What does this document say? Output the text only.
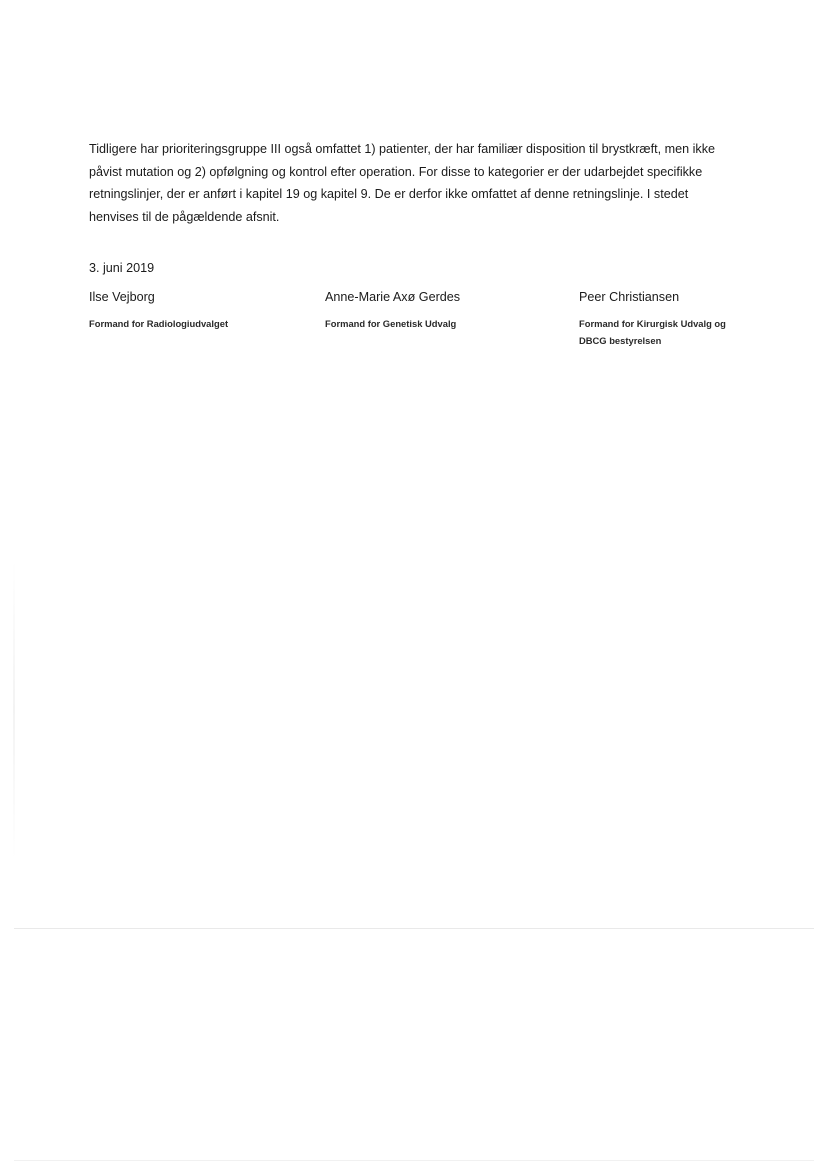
Tidligere har prioriteringsgruppe III også omfattet 1) patienter, der har familiær disposition til brystkræft, men ikke påvist mutation og 2) opfølgning og kontrol efter operation. For disse to kategorier er der udarbejdet specifikke retningslinjer, der er anført i kapitel 19 og kapitel 9. De er derfor ikke omfattet af denne retningslinje. I stedet henvises til de pågældende afsnit.

3. juni 2019
Ilse Vejborg
Formand for Radiologiudvalget
Anne-Marie Axø Gerdes
Formand for Genetisk Udvalg
Peer Christiansen
Formand for Kirurgisk Udvalg og DBCG bestyrelsen
